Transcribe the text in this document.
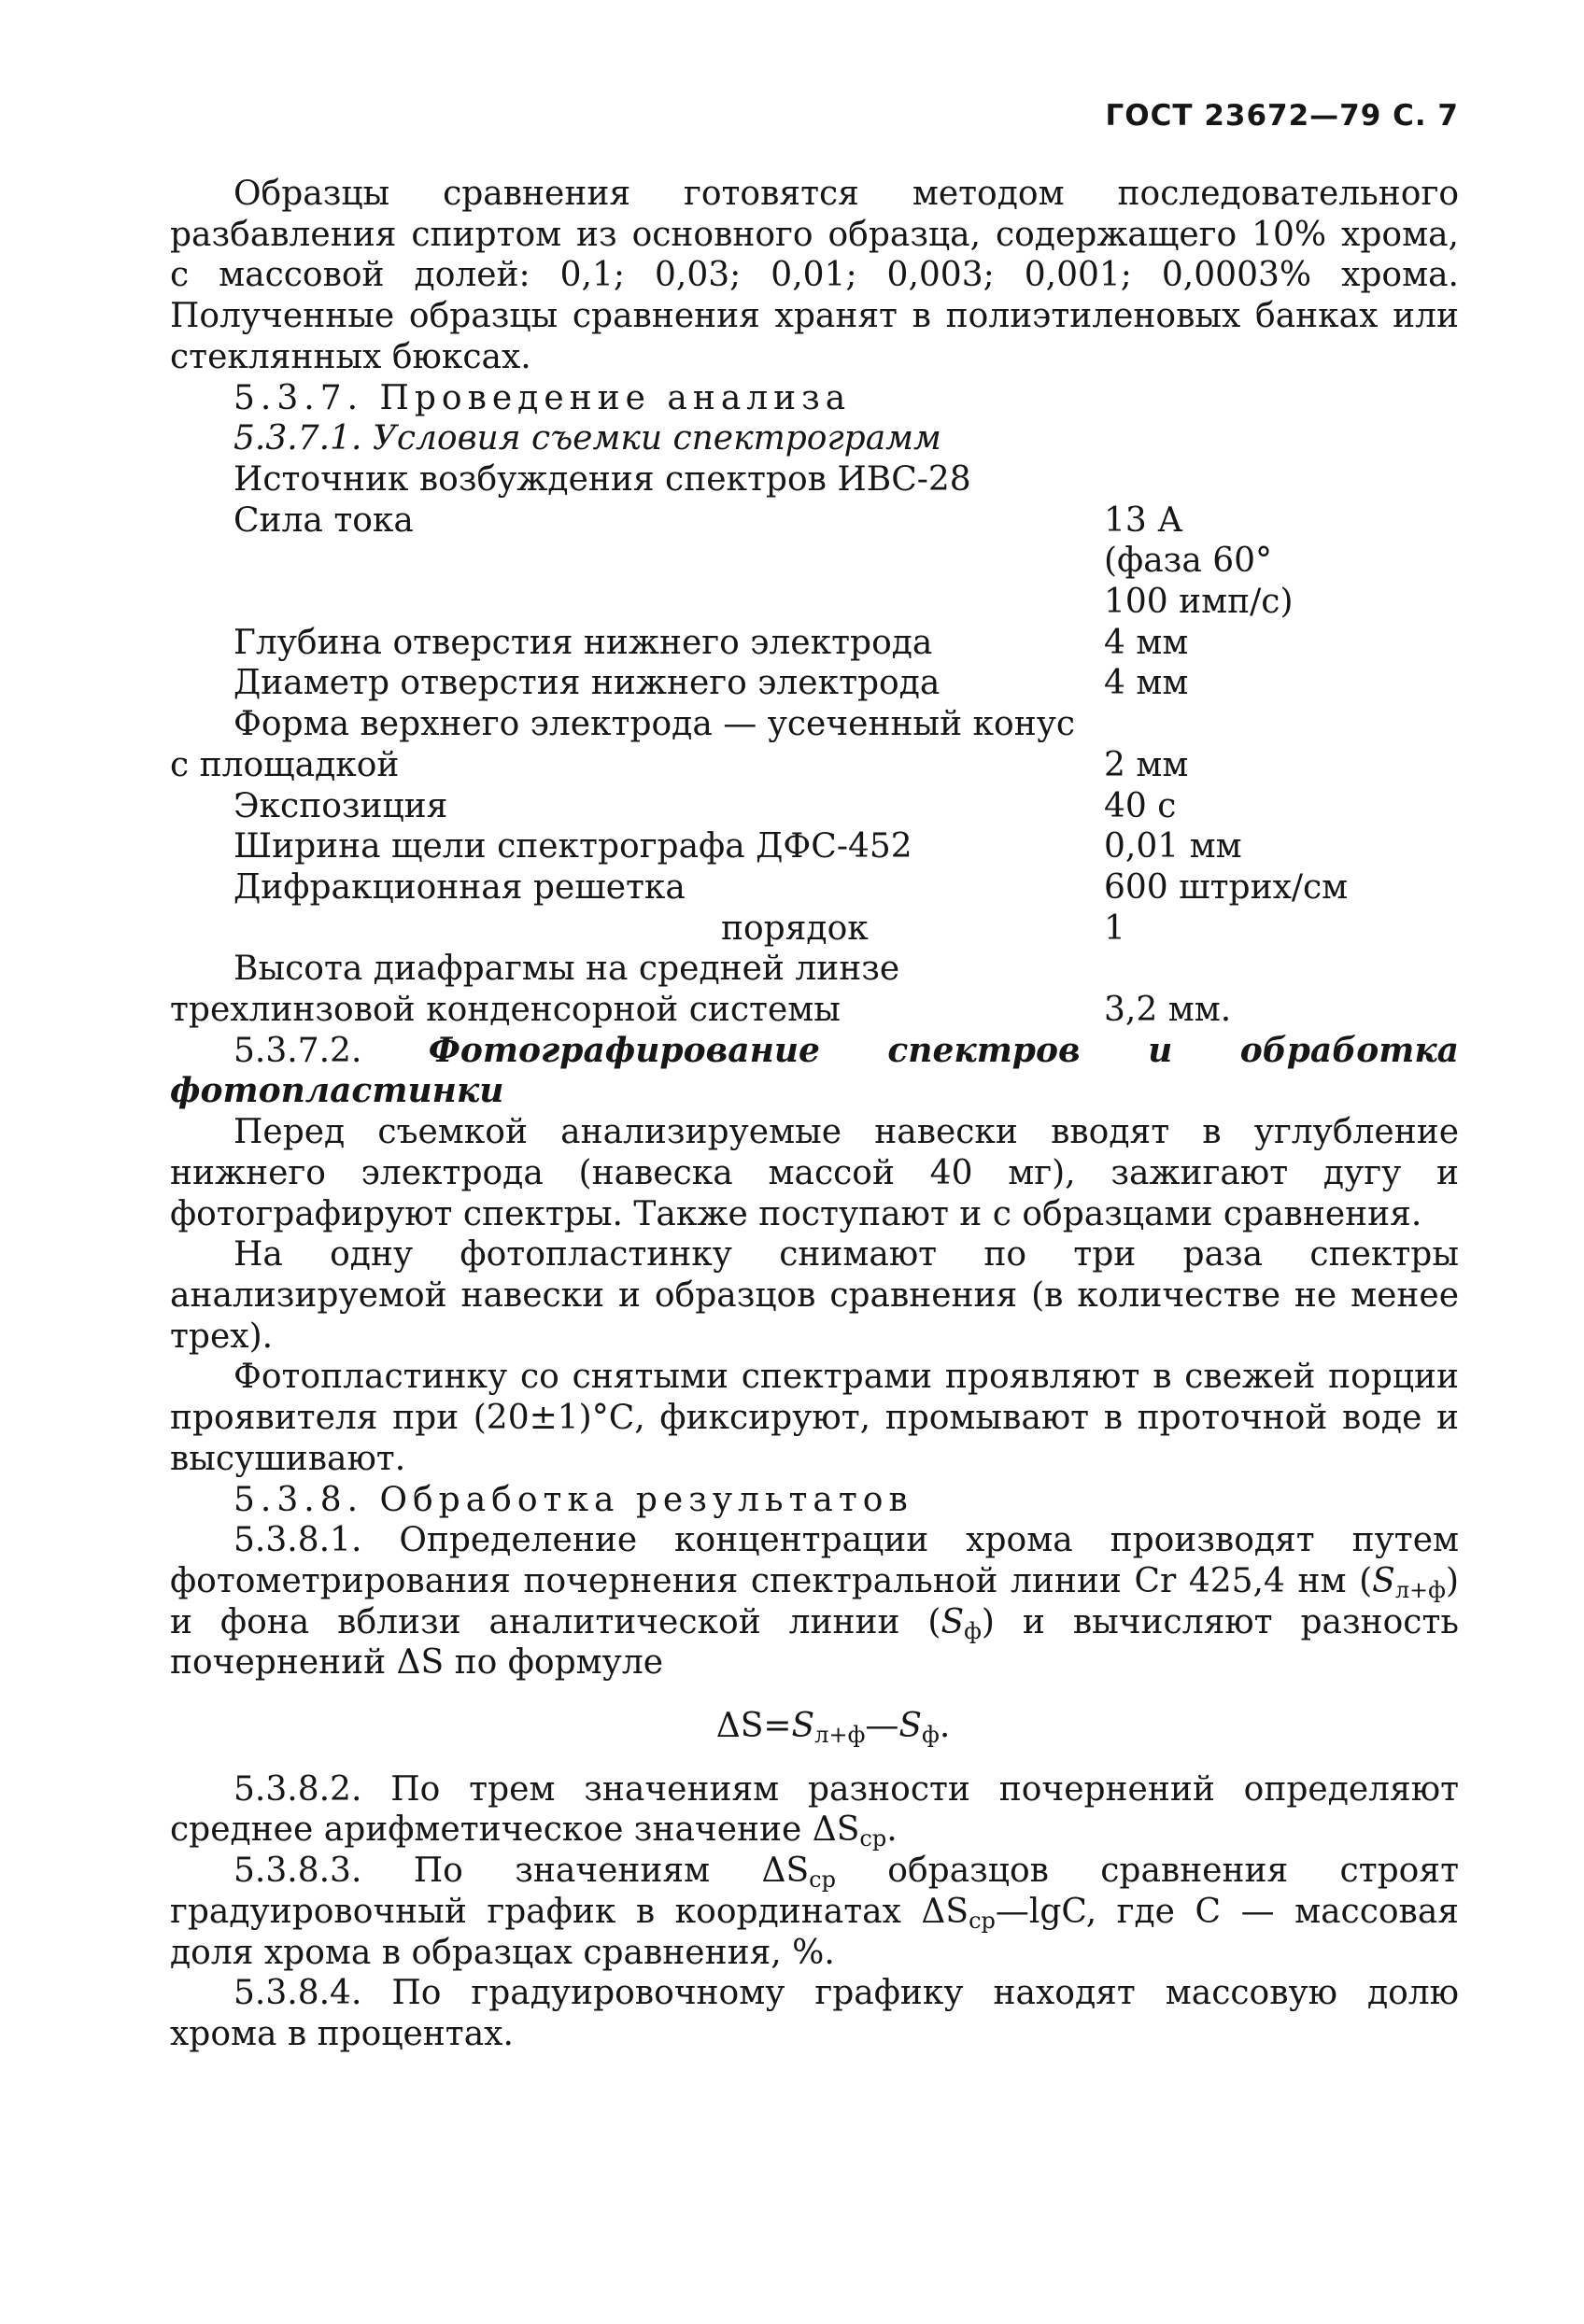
ГОСТ 23672—79 С. 7

Образцы сравнения готовятся методом последовательного разбавления спиртом из основного образца, содержащего 10% хрома, с массовой долей: 0,1; 0,03; 0,01; 0,003; 0,001; 0,0003% хрома. Полученные образцы сравнения хранят в полиэтиленовых банках или стеклянных бюксах.

5.3.7. Проведение анализа

5.3.7.1. Условия съемки спектрограмм

Источник возбуждения спектров ИВС-28

Сила тока	13 А
(фаза 60°
100 имп/с)
Глубина отверстия нижнего электрода	4 мм
Диаметр отверстия нижнего электрода	4 мм
Форма верхнего электрода — усеченный конус
с площадкой	2 мм
Экспозиция	40 с
Ширина щели спектрографа ДФС-452	0,01 мм
Дифракционная решетка	600 штрих/см
порядок	1
Высота диафрагмы на средней линзе
трехлинзовой конденсорной системы	3,2 мм.

5.3.7.2. Фотографирование спектров и обработка фотопластинки

Перед съемкой анализируемые навески вводят в углубление нижнего электрода (навеска массой 40 мг), зажигают дугу и фотографируют спектры. Также поступают и с образцами сравнения.

На одну фотопластинку снимают по три раза спектры анализируемой навески и образцов сравнения (в количестве не менее трех).

Фотопластинку со снятыми спектрами проявляют в свежей порции проявителя при (20±1)°С, фиксируют, промывают в проточной воде и высушивают.

5.3.8. Обработка результатов

5.3.8.1. Определение концентрации хрома производят путем фотометрирования почернения спектральной линии Cr 425,4 нм $(S_{л+ф})$ и фона вблизи аналитической линии $(S_ф)$ и вычисляют разность почернений ΔS по формуле

$\Delta S=S_{л+ф}—S_ф$.

5.3.8.2. По трем значениям разности почернений определяют среднее арифметическое значение $\Delta S_{ср}$.

5.3.8.3. По значениям $\Delta S_{ср}$ образцов сравнения строят градуировочный график в координатах $\Delta S_{ср}—\lg C$, где C — массовая доля хрома в образцах сравнения, %.

5.3.8.4. По градуировочному графику находят массовую долю хрома в процентах.
